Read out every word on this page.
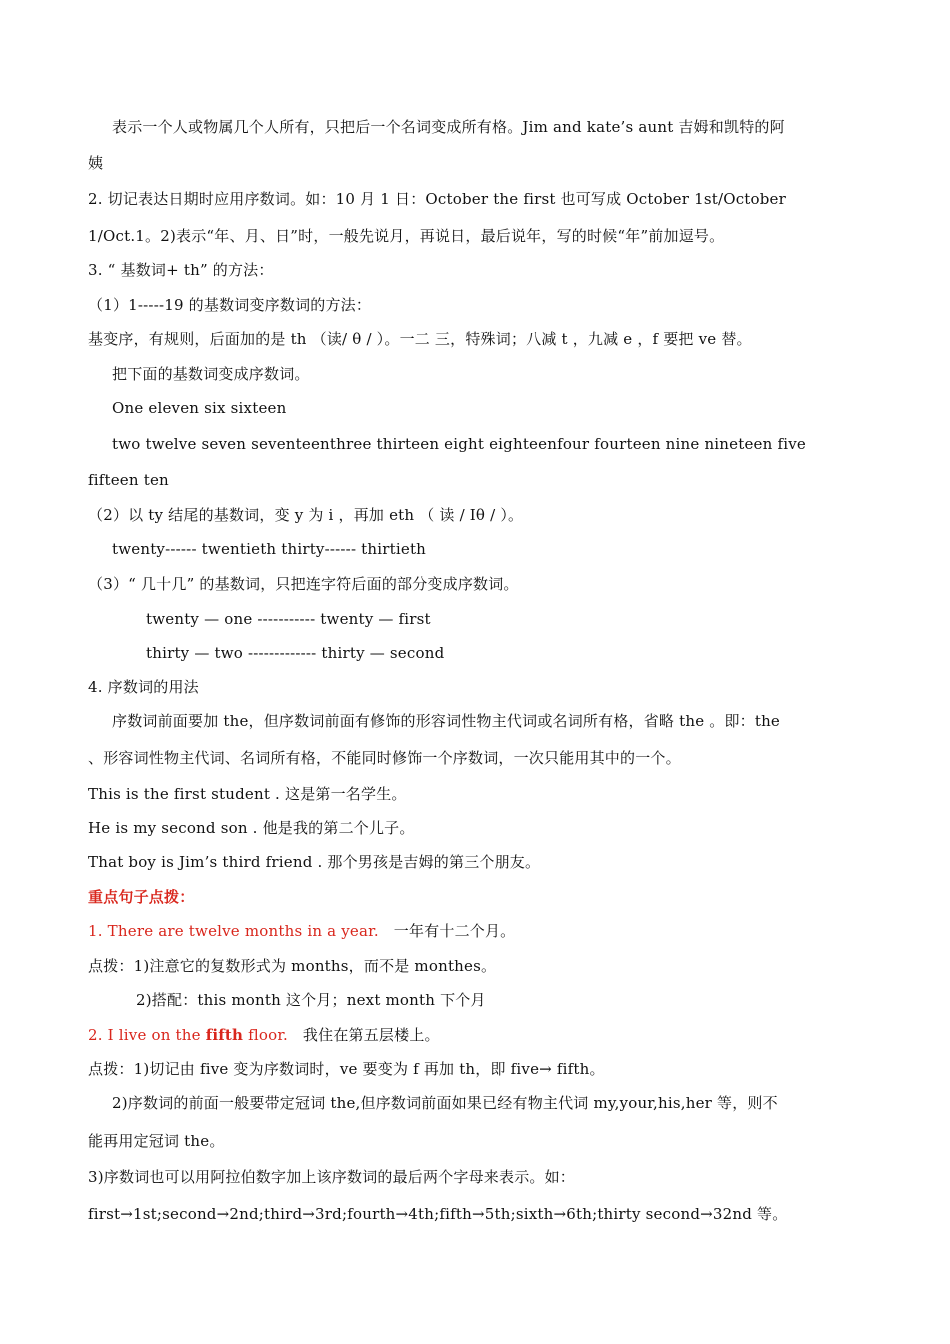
表示一个人或物属几个人所有，只把后一个名词变成所有格。Jim and kate’s aunt 吉姆和凯特的阿
姨
2. 切记表达日期时应用序数词。如：10 月 1 日：October the first 也可写成 October 1st/October
1/Oct.1。2)表示“年、月、日”时，一般先说月，再说日，最后说年，写的时候“年”前加逗号。
3. “ 基数词+ th” 的方法：
（1）1-----19 的基数词变序数词的方法：
基变序，有规则，后面加的是 th （读/ θ / ）。一二 三，特殊词；八减 t ，九减 e ，f 要把 ve 替。
把下面的基数词变成序数词。
One eleven six sixteen
two twelve seven seventeenthree thirteen eight eighteenfour fourteen nine nineteen five
fifteen ten
（2）以 ty 结尾的基数词，变 y 为 i ，再加 eth （ 读 / Iθ / ）。
twenty------ twentieth thirty------ thirtieth
（3）“ 几十几” 的基数词，只把连字符后面的部分变成序数词。
twenty — one ----------- twenty — first
thirty — two ------------- thirty — second
4. 序数词的用法
序数词前面要加 the，但序数词前面有修饰的形容词性物主代词或名词所有格，省略 the 。即：the
、形容词性物主代词、名词所有格，不能同时修饰一个序数词，一次只能用其中的一个。
This is the first student . 这是第一名学生。
He is my second son . 他是我的第二个儿子。
That boy is Jim’s third friend . 那个男孩是吉姆的第三个朋友。
重点句子点拨：
1. There are twelve months in a year. 一年有十二个月。
点拨：1)注意它的复数形式为 months，而不是 monthes。
2)搭配：this month 这个月；next month 下个月
2. I live on the fifth floor. 我住在第五层楼上。
点拨：1)切记由 five 变为序数词时，ve 要变为 f 再加 th，即 five→ fifth。
2)序数词的前面一般要带定冠词 the,但序数词前面如果已经有物主代词 my,your,his,her 等，则不
能再用定冠词 the。
3)序数词也可以用阿拉伯数字加上该序数词的最后两个字母来表示。如：
first→1st;second→2nd;third→3rd;fourth→4th;fifth→5th;sixth→6th;thirty second→32nd 等。
